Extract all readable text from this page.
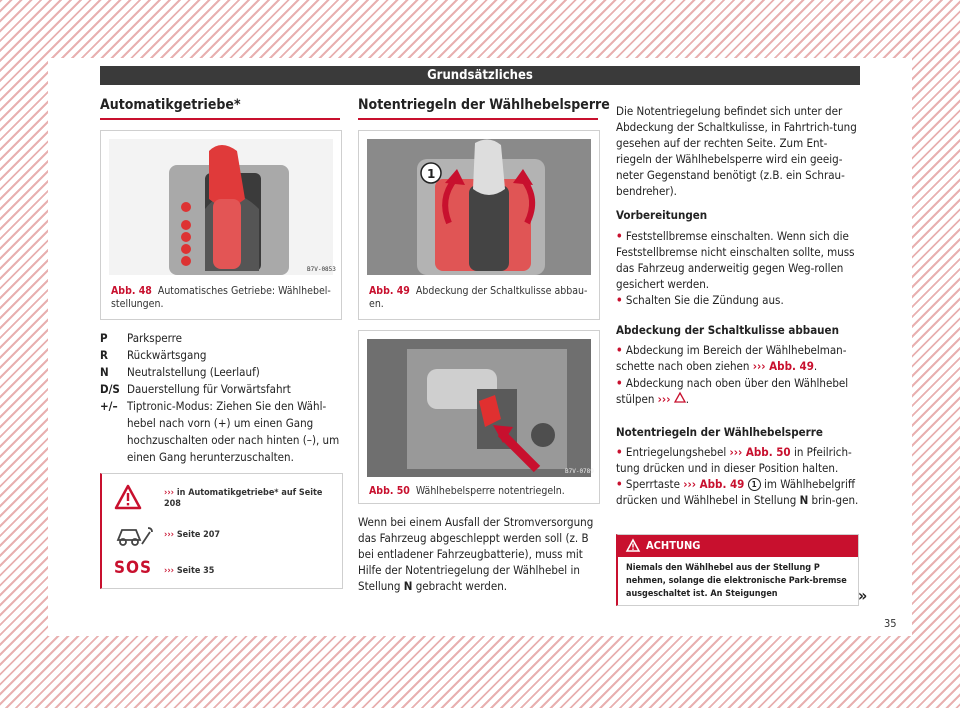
Grundsätzliches
Automatikgetriebe*
B7V-0853
Abb. 48 Automatisches Getriebe: Wählhebel-stellungen.
P	Parksperre
R	Rückwärtsgang
N	Neutralstellung (Leerlauf)
D/S Dauerstellung für Vorwärtsfahrt
+/– Tiptronic-Modus: Ziehen Sie den Wähl-hebel nach vorn (+) um einen Gang hochzuschalten oder nach hinten (–), um einen Gang herunterzuschalten.
››› in Automatikgetriebe* auf Seite 208
››› Seite 207
SOS ››› Seite 35
Notentriegeln der Wählhebelsperre
1
Abb. 49 Abdeckung der Schaltkulisse abbau-en.
B7V-0789
Abb. 50 Wählhebelsperre notentriegeln.
Wenn bei einem Ausfall der Stromversorgung das Fahrzeug abgeschleppt werden soll (z. B bei entladener Fahrzeugbatterie), muss mit Hilfe der Notentriegelung der Wählhebel in Stellung N gebracht werden.
Die Notentriegelung befindet sich unter der Abdeckung der Schaltkulisse, in Fahrtrich-tung gesehen auf der rechten Seite. Zum Ent-riegeln der Wählhebelsperre wird ein geeig-neter Gegenstand benötigt (z.B. ein Schrau-bendreher).
Vorbereitungen
• Feststellbremse einschalten. Wenn sich die Feststellbremse nicht einschalten sollte, muss das Fahrzeug anderweitig gegen Weg-rollen gesichert werden.
• Schalten Sie die Zündung aus.
Abdeckung der Schaltkulisse abbauen
• Abdeckung im Bereich der Wählhebelman-schette nach oben ziehen ››› Abb. 49.
• Abdeckung nach oben über den Wählhebel stülpen ››› .
Notentriegeln der Wählhebelsperre
• Entriegelungshebel ››› Abb. 50 in Pfeilrich-tung drücken und in dieser Position halten.
• Sperrtaste ››› Abb. 49 1 im Wählhebelgriff drücken und Wählhebel in Stellung N brin-gen.
ACHTUNG
Niemals den Wählhebel aus der Stellung P nehmen, solange die elektronische Park-bremse ausgeschaltet ist. An Steigungen	»
35
